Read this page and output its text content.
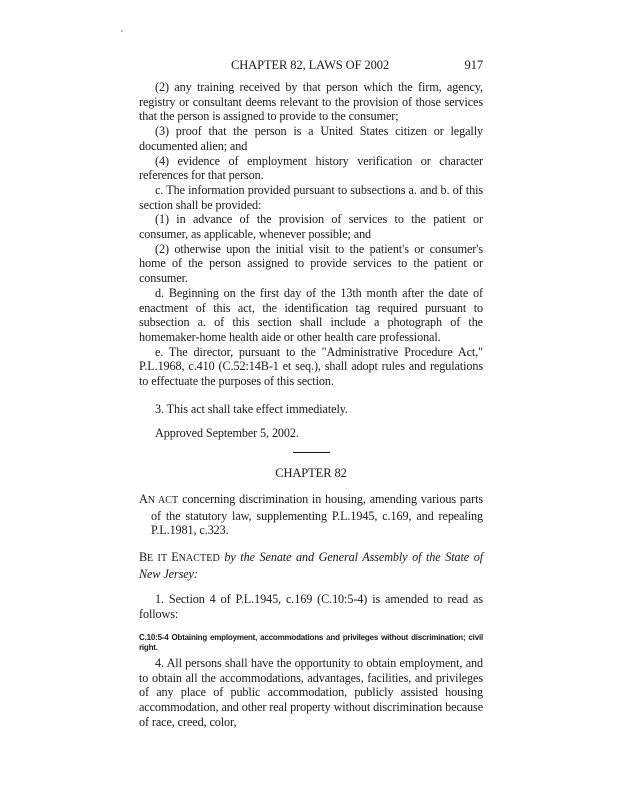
CHAPTER 82, LAWS OF 2002	917

(2) any training received by that person which the firm, agency, registry or consultant deems relevant to the provision of those services that the person is assigned to provide to the consumer;

(3) proof that the person is a United States citizen or legally documented alien; and

(4) evidence of employment history verification or character references for that person.

c. The information provided pursuant to subsections a. and b. of this section shall be provided:

(1) in advance of the provision of services to the patient or consumer, as applicable, whenever possible; and

(2) otherwise upon the initial visit to the patient's or consumer's home of the person assigned to provide services to the patient or consumer.

d. Beginning on the first day of the 13th month after the date of enactment of this act, the identification tag required pursuant to subsection a. of this section shall include a photograph of the homemaker-home health aide or other health care professional.

e. The director, pursuant to the "Administrative Procedure Act," P.L.1968, c.410 (C.52:14B-1 et seq.), shall adopt rules and regulations to effectuate the purposes of this section.

3. This act shall take effect immediately.

Approved September 5, 2002.

CHAPTER 82

AN ACT concerning discrimination in housing, amending various parts of the statutory law, supplementing P.L.1945, c.169, and repealing P.L.1981, c.323.

BE IT ENACTED by the Senate and General Assembly of the State of New Jersey:

1. Section 4 of P.L.1945, c.169 (C.10:5-4) is amended to read as follows:

C.10:5-4 Obtaining employment, accommodations and privileges without discrimination; civil right.

4. All persons shall have the opportunity to obtain employment, and to obtain all the accommodations, advantages, facilities, and privileges of any place of public accommodation, publicly assisted housing accommodation, and other real property without discrimination because of race, creed, color,
